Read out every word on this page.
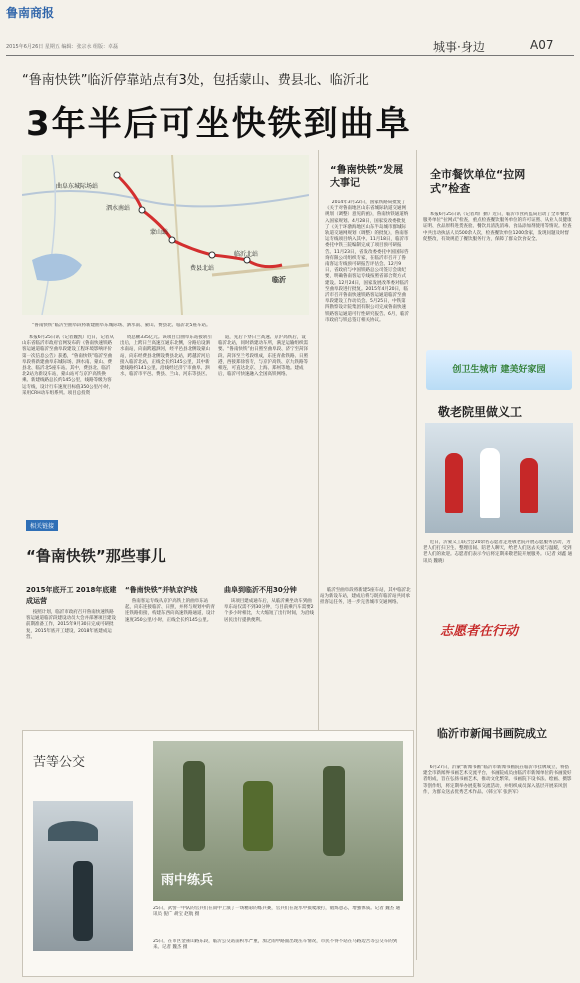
鲁南商报
2015年6月26日 星期五 编辑：张宗水 组版：卓磊	城事·身边	A07
“鲁南快铁”临沂停靠站点有3处，包括蒙山、费县北、临沂北
3年半后可坐快铁到曲阜
曲阜东城际场站
泗水南站
蒙山站
费县北站
临沂北站
临沂
“鲁南快铁”临沂至曲阜段将新建曲阜东城际场、泗水南、蒙山、费县北、临沂北5座车站。

本报6月25日讯（记者魏凯）近日，记者从山东省临沂市政府官网发布的《鲁南快速铁路客运通道临沂至曲阜段建设工程环境影响评价第一次信息公告》获悉，“鲁南快铁”临沂至曲阜段将新建曲阜东城际场、泗水南、蒙山、费县北、临沂北5座车站。其中，费县北、临沂北2站为新设车站，蒙山站可与京沪高铁换乘。新建线路总长约145公里，线路等级为客运专线，设计行车速度目标值350公里/小时，采用CRH动车组系列。项目总投资

资总额335亿元。该项目自曲阜东站接轨引出后，上跨日兰高速互通东北侧，分路后设泗水南站，向南跨越泗河，经平邑县北侧设蒙山站，向东经费县北侧设费县北站，跨越沂河后接入临沂北站，正线全长约145公里，其中新建线路约141公里。沿线经过济宁市曲阜、泗水，临沂市平邑、费县、兰山、河东等县区。

道，先后下穿日兰高速、京沪高铁后，设临沂北站，同时新建动车所，满足运输组织需要。“鲁南快铁”由日照至曲阜段、济宁至菏泽段、菏泽至兰考段组成，东连青盐铁路、日照港，西接郑徐客专，与京沪高铁、京九铁路等相连，可直达北京、上海、郑州等地。建成后，临沂可快速融入全国高铁网络。

相关链接
“鲁南快铁”那些事儿
2015年底开工 2018年底建成运营

按照计划，临沂市政府召开鲁南快速铁路客运通道临沂段建设动员大会并部署项目建设前期准备工作，2015年9月30日完成可研批复，2015年底开工建设，2018年底建成运营。

“鲁南快铁”并轨京沪线

鲁南客运专线从京沪高铁上的曲阜东站起，向东连接临沂、日照，并将与规划中的青连铁路衔接，构建东西向高速铁路通道，设计速度350公里/小时，正线全长约145公里。

曲阜到临沂不用30分钟

该项目建成通车后，从临沂乘坐动车到曲阜东站仅需不到30分钟，与目前乘汽车需要2个多小时相比，大大缩短了出行时间，为沿线居民出行提供便利。

临沂至曲阜段将新建5座车站，其中临沂北站为新设车站，建成后将与既有临沂站共同承担客运任务，进一步完善城市交通网络。

“鲁南快铁”发展大事记

2014年3月22日，国家铁路局批复了《关于对鲁南地区山东省城际轨道交通网规划（调整）意见的函》，鲁南快铁通道纳入国家规划。4月28日，国家发改委批复了《关于环渤海地区山东半岛城市群城际轨道交通网规划（调整）的批复》，鲁南客运专线项目纳入其中。11月18日，临沂市委托中铁三院编制完成了项目预可研报告。11月23日，省发改委委托中国国际咨询有限公司组织专家，在临沂市召开了鲁南客运专线预可研报告评估会。12月9日，省政府与中国铁路总公司签订会谈纪要，明确鲁南客运专线按照省部合资方式建设。12月24日，国家发展改革委对临沂至曲阜段进行批复。2015年4月20日，临沂市召开鲁南快速铁路客运通道临沂至曲阜段建设工作动员会。5月25日，中铁第四勘察设计院集团有限公司完成鲁南快速铁路客运通道可行性研究报告。6月，临沂市政府与铁总签订相关协议。

全市餐饮单位“拉网式”检查

本报6月25日讯（记者周广勤）近日，临沂市食药监局启动了全市餐饮服务单位“拉网式”检查，重点检查餐饮服务单位的许可证照、从业人员健康证明、食品原料进货查验、餐饮具清洗消毒、食品添加剂使用等情况。检查中共出动执法人员500余人次，检查餐饮单位1200余家，发现问题及时督促整改，有效规范了餐饮服务行为，保障了群众饮食安全。

创卫生城市 建美好家园
敬老院里做义工

近日，沂蒙义工联合会20余名志愿者走进敬老院开展志愿服务活动，为老人们打扫卫生、整理房间、陪老人聊天，给老人们送去关爱与温暖，受到老人们的欢迎。志愿者们表示今后将定期来敬老院开展服务。（记者 刘鑫 通讯员 魏晓）

志愿者在行动
临沂市新闻书画院成立

6月27日，沂蒙“新闻书画”临沂市新闻书画院在临沂市挂牌成立，将搭建全市新闻界书画艺术交流平台，书画院成员由临沂市新闻单位的书画爱好者组成，旨在弘扬书画艺术，推动文化繁荣。书画院下设书法、绘画、摄影等创作组，将定期举办展览和交流活动，并组织成员深入基层开展采风创作，为群众送去优秀艺术作品。（韩立军 张洪军）

苦等公交
雨中练兵
25日，武警一中队的官兵们在雨中上演了一场精彩的练兵赛，官兵们在泥水中摸爬滚打，锻炼意志，增强体质。记者 魏杰 通讯员 倪广 胡宝 赵航 摄
25日，在市区金雀山路东段，临沂公交站前积水严重，加之雨中路面出现压车情况，市民不得不站在马路边苦等公交车的到来。记者 魏杰 摄
